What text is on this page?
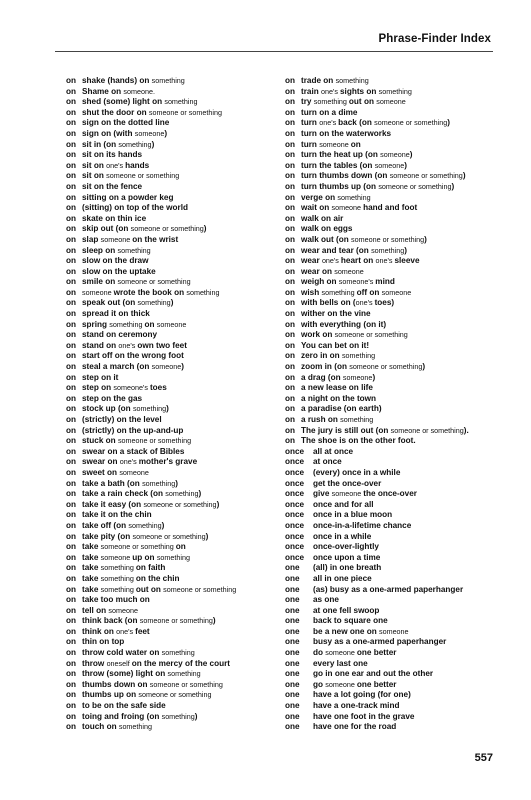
Phrase-Finder Index
on shake (hands) on something
on Shame on someone.
on shed (some) light on something
on shut the door on someone or something
on sign on the dotted line
on sign on (with someone)
on sit in (on something)
on sit on its hands
on sit on one's hands
on sit on someone or something
on sit on the fence
on sitting on a powder keg
on (sitting) on top of the world
on skate on thin ice
on skip out (on someone or something)
on slap someone on the wrist
on sleep on something
on slow on the draw
on slow on the uptake
on smile on someone or something
on someone wrote the book on something
on speak out (on something)
on spread it on thick
on spring something on someone
on stand on ceremony
on stand on one's own two feet
on start off on the wrong foot
on steal a march (on someone)
on step on it
on step on someone's toes
on step on the gas
on stock up (on something)
on (strictly) on the level
on (strictly) on the up-and-up
on stuck on someone or something
on swear on a stack of Bibles
on swear on one's mother's grave
on sweet on someone
on take a bath (on something)
on take a rain check (on something)
on take it easy (on someone or something)
on take it on the chin
on take off (on something)
on take pity (on someone or something)
on take someone or something on
on take someone up on something
on take something on faith
on take something on the chin
on take something out on someone or something
on take too much on
on tell on someone
on think back (on someone or something)
on think on one's feet
on thin on top
on throw cold water on something
on throw oneself on the mercy of the court
on throw (some) light on something
on thumbs down on someone or something
on thumbs up on someone or something
on to be on the safe side
on toing and froing (on something)
on touch on something
on trade on something
on train one's sights on something
on try something out on someone
on turn on a dime
on turn one's back (on someone or something)
on turn on the waterworks
on turn someone on
on turn the heat up (on someone)
on turn the tables (on someone)
on turn thumbs down (on someone or something)
on turn thumbs up (on someone or something)
on verge on something
on wait on someone hand and foot
on walk on air
on walk on eggs
on walk out (on someone or something)
on wear and tear (on something)
on wear one's heart on one's sleeve
on wear on someone
on weigh on someone's mind
on wish something off on someone
on with bells on (one's toes)
on wither on the vine
on with everything (on it)
on work on someone or something
on You can bet on it!
on zero in on something
on zoom in (on someone or something)
on a drag (on someone)
on a new lease on life
on a night on the town
on a paradise (on earth)
on a rush on something
on The jury is still out (on someone or something).
on The shoe is on the other foot.
once all at once
once at once
once (every) once in a while
once get the once-over
once give someone the once-over
once once and for all
once once in a blue moon
once once-in-a-lifetime chance
once once in a while
once once-over-lightly
once once upon a time
one (all) in one breath
one all in one piece
one (as) busy as a one-armed paperhanger
one as one
one at one fell swoop
one back to square one
one be a new one on someone
one busy as a one-armed paperhanger
one do someone one better
one every last one
one go in one ear and out the other
one go someone one better
one have a lot going (for one)
one have a one-track mind
one have one foot in the grave
one have one for the road
557
